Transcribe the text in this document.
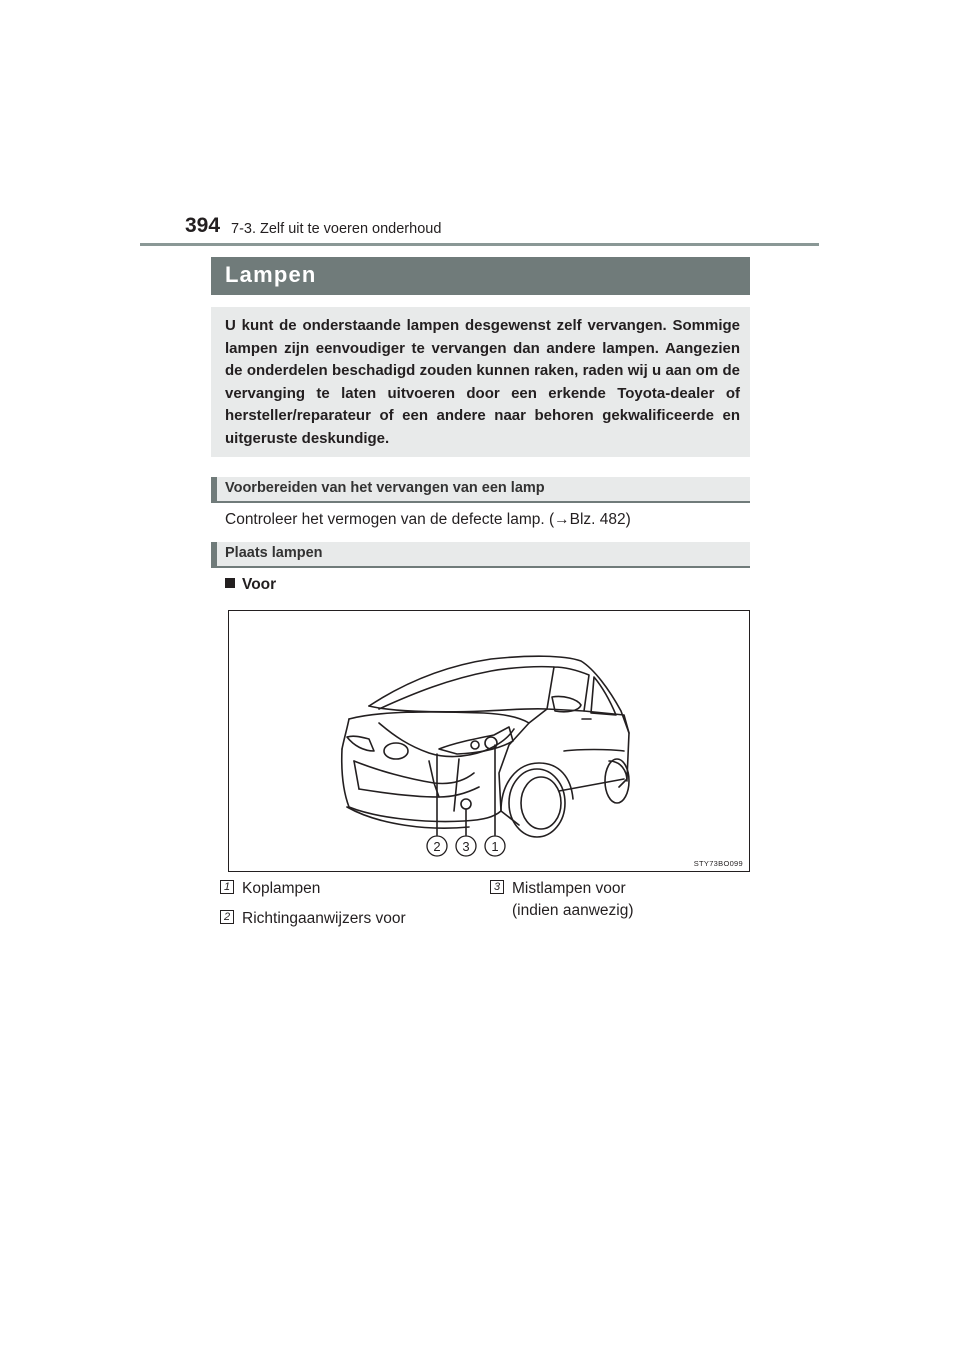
394 7-3. Zelf uit te voeren onderhoud
Lampen

U kunt de onderstaande lampen desgewenst zelf vervangen. Sommige lampen zijn eenvoudiger te vervangen dan andere lampen. Aangezien de onderdelen beschadigd zouden kunnen raken, raden wij u aan om de vervanging te laten uitvoeren door een erkende Toyota-dealer of hersteller/reparateur of een andere naar behoren gekwalificeerde en uitgeruste deskundige.

Voorbereiden van het vervangen van een lamp
Controleer het vermogen van de defecte lamp. (→Blz. 482)
Plaats lampen
Voor
2 3 1
STY73BO099
1 Koplampen
2 Richtingaanwijzers voor
3 Mistlampen voor (indien aanwezig)
